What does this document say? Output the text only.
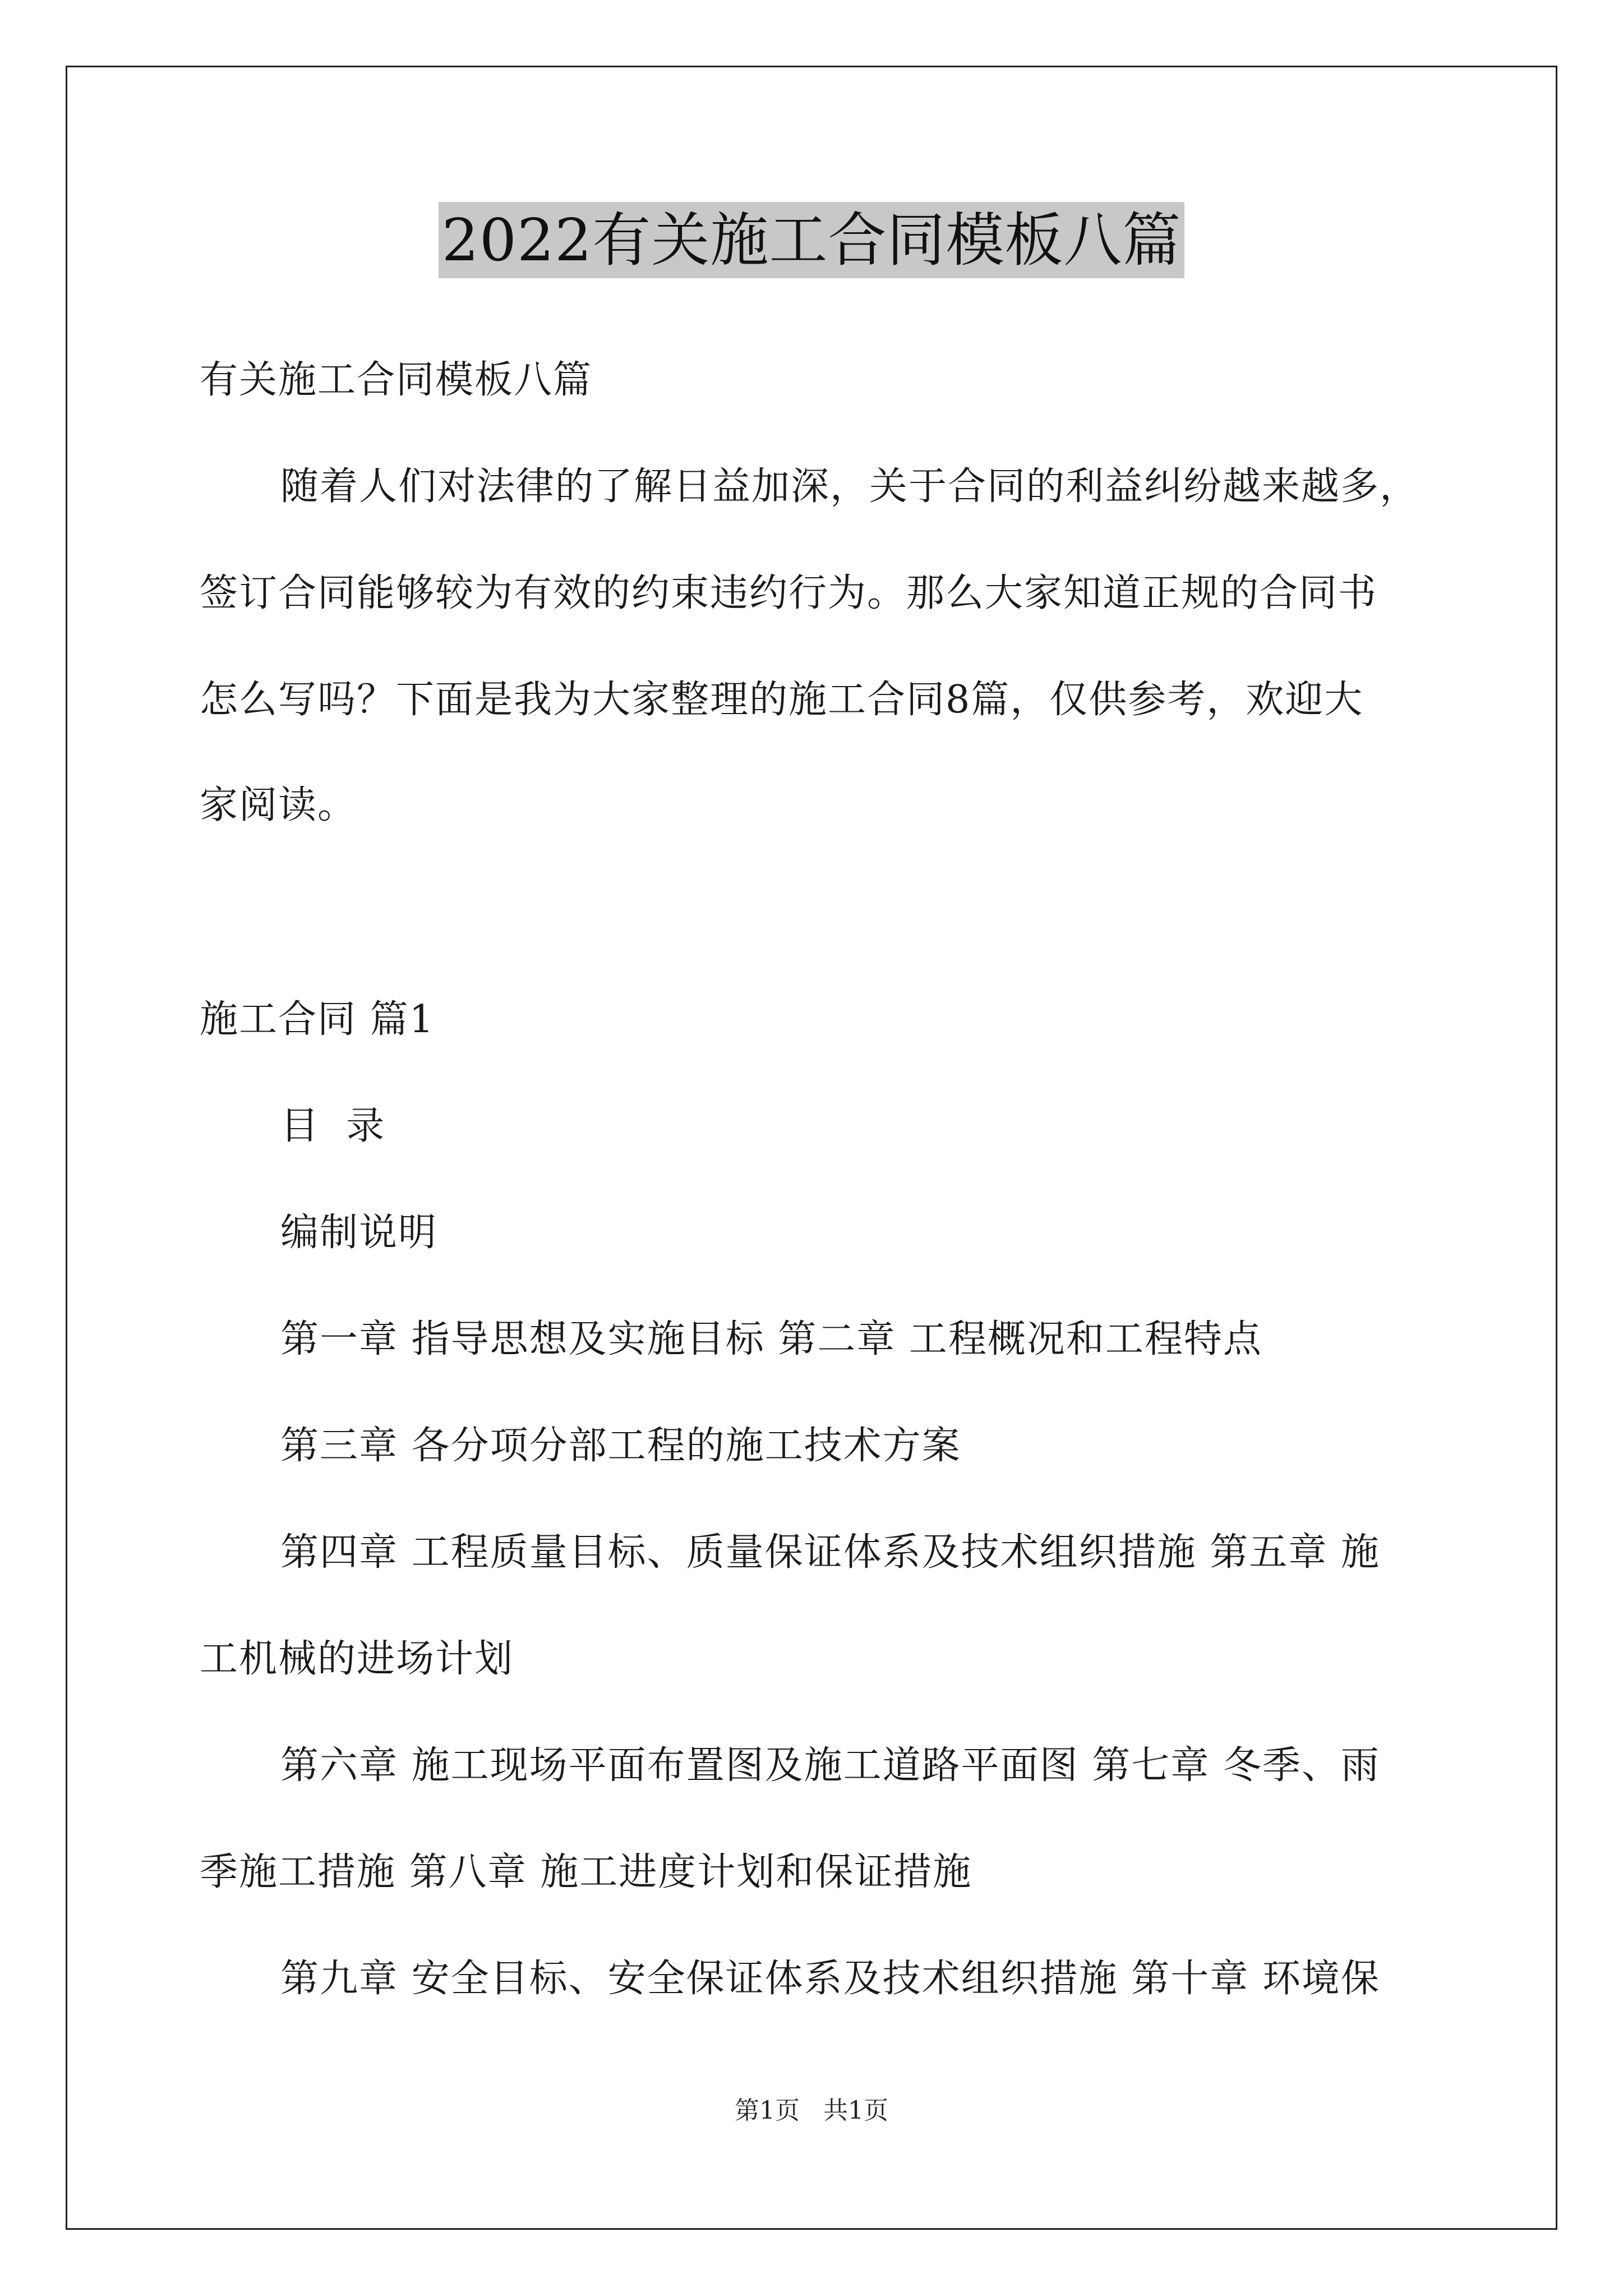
2022有关施工合同模板八篇
有关施工合同模板八篇
随着人们对法律的了解日益加深，关于合同的利益纠纷越来越多，
签订合同能够较为有效的约束违约行为。那么大家知道正规的合同书
怎么写吗？下面是我为大家整理的施工合同8篇，仅供参考，欢迎大
家阅读。
施工合同 篇1
目  录
编制说明
第一章 指导思想及实施目标 第二章 工程概况和工程特点
第三章 各分项分部工程的施工技术方案
第四章 工程质量目标、质量保证体系及技术组织措施 第五章 施
工机械的进场计划
第六章 施工现场平面布置图及施工道路平面图 第七章 冬季、雨
季施工措施 第八章 施工进度计划和保证措施
第九章 安全目标、安全保证体系及技术组织措施 第十章 环境保
第1页 共1页
